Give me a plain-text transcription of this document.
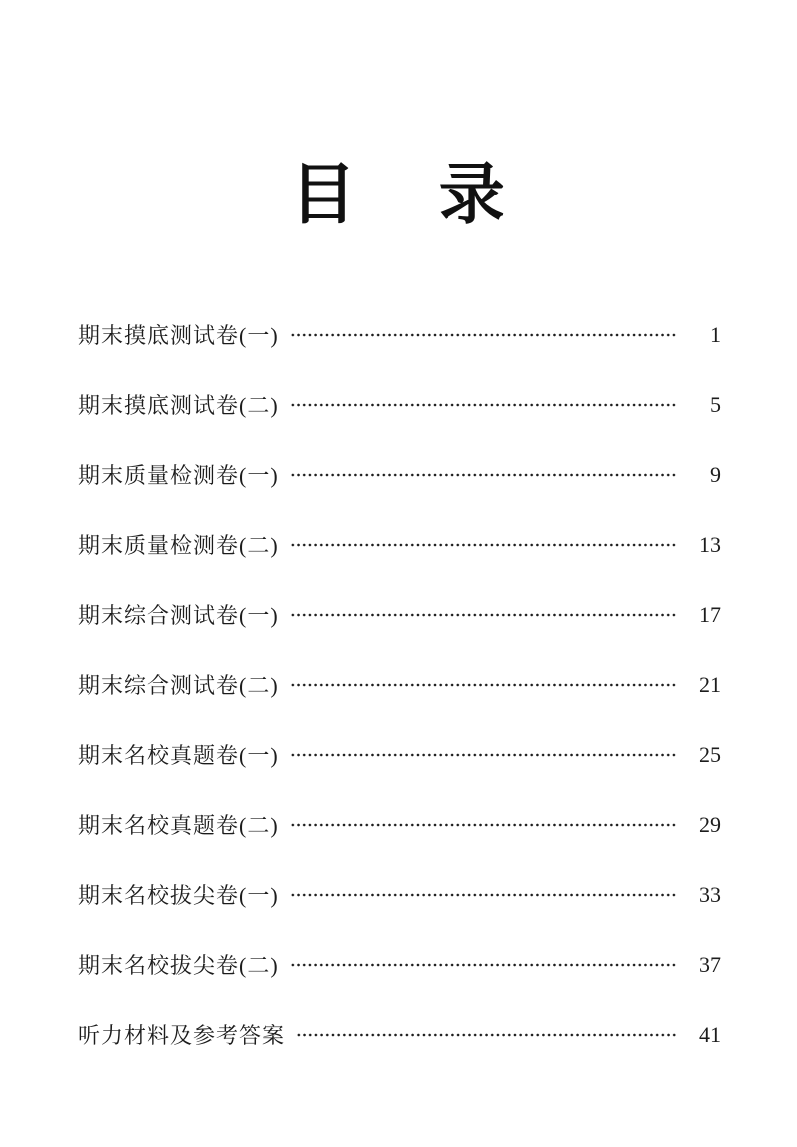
目 录
期末摸底测试卷(一)	1
期末摸底测试卷(二)	5
期末质量检测卷(一)	9
期末质量检测卷(二)	13
期末综合测试卷(一)	17
期末综合测试卷(二)	21
期末名校真题卷(一)	25
期末名校真题卷(二)	29
期末名校拔尖卷(一)	33
期末名校拔尖卷(二)	37
听力材料及参考答案	41
